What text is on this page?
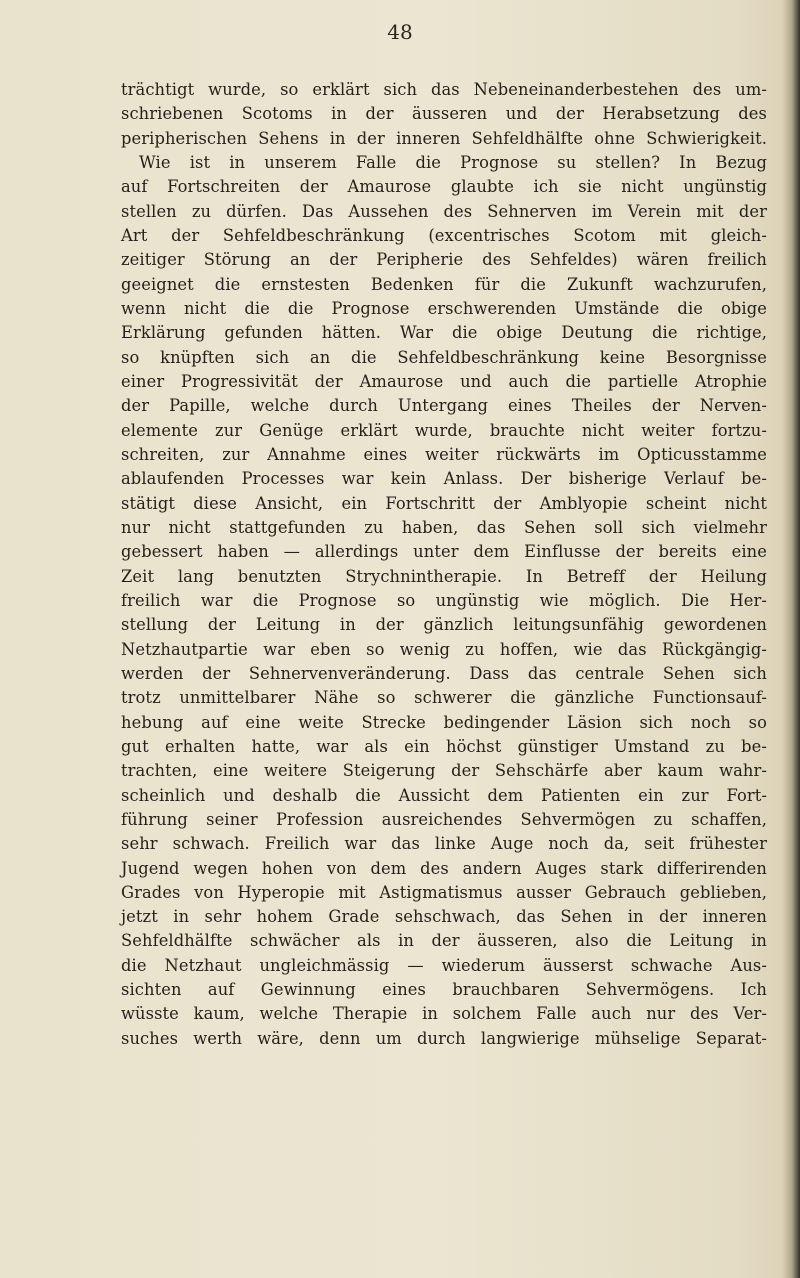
48
trächtigt wurde, so erklärt sich das Nebeneinanderbestehen des um-
schriebenen Scotoms in der äusseren und der Herabsetzung des
peripherischen Sehens in der inneren Sehfeldhälfte ohne Schwierigkeit.
Wie ist in unserem Falle die Prognose su stellen? In Bezug
auf Fortschreiten der Amaurose glaubte ich sie nicht ungünstig
stellen zu dürfen. Das Aussehen des Sehnerven im Verein mit der
Art der Sehfeldbeschränkung (excentrisches Scotom mit gleich-
zeitiger Störung an der Peripherie des Sehfeldes) wären freilich
geeignet die ernstesten Bedenken für die Zukunft wachzurufen,
wenn nicht die die Prognose erschwerenden Umstände die obige
Erklärung gefunden hätten. War die obige Deutung die richtige,
so knüpften sich an die Sehfeldbeschränkung keine Besorgnisse
einer Progressivität der Amaurose und auch die partielle Atrophie
der Papille, welche durch Untergang eines Theiles der Nerven-
elemente zur Genüge erklärt wurde, brauchte nicht weiter fortzu-
schreiten, zur Annahme eines weiter rückwärts im Opticusstamme
ablaufenden Processes war kein Anlass. Der bisherige Verlauf be-
stätigt diese Ansicht, ein Fortschritt der Amblyopie scheint nicht
nur nicht stattgefunden zu haben, das Sehen soll sich vielmehr
gebessert haben — allerdings unter dem Einflusse der bereits eine
Zeit lang benutzten Strychnintherapie. In Betreff der Heilung
freilich war die Prognose so ungünstig wie möglich. Die Her-
stellung der Leitung in der gänzlich leitungsunfähig gewordenen
Netzhautpartie war eben so wenig zu hoffen, wie das Rückgängig-
werden der Sehnervenveränderung. Dass das centrale Sehen sich
trotz unmittelbarer Nähe so schwerer die gänzliche Functionsauf-
hebung auf eine weite Strecke bedingender Läsion sich noch so
gut erhalten hatte, war als ein höchst günstiger Umstand zu be-
trachten, eine weitere Steigerung der Sehschärfe aber kaum wahr-
scheinlich und deshalb die Aussicht dem Patienten ein zur Fort-
führung seiner Profession ausreichendes Sehvermögen zu schaffen,
sehr schwach. Freilich war das linke Auge noch da, seit frühester
Jugend wegen hohen von dem des andern Auges stark differirenden
Grades von Hyperopie mit Astigmatismus ausser Gebrauch geblieben,
jetzt in sehr hohem Grade sehschwach, das Sehen in der inneren
Sehfeldhälfte schwächer als in der äusseren, also die Leitung in
die Netzhaut ungleichmässig — wiederum äusserst schwache Aus-
sichten auf Gewinnung eines brauchbaren Sehvermögens. Ich
wüsste kaum, welche Therapie in solchem Falle auch nur des Ver-
suches werth wäre, denn um durch langwierige mühselige Separat-
